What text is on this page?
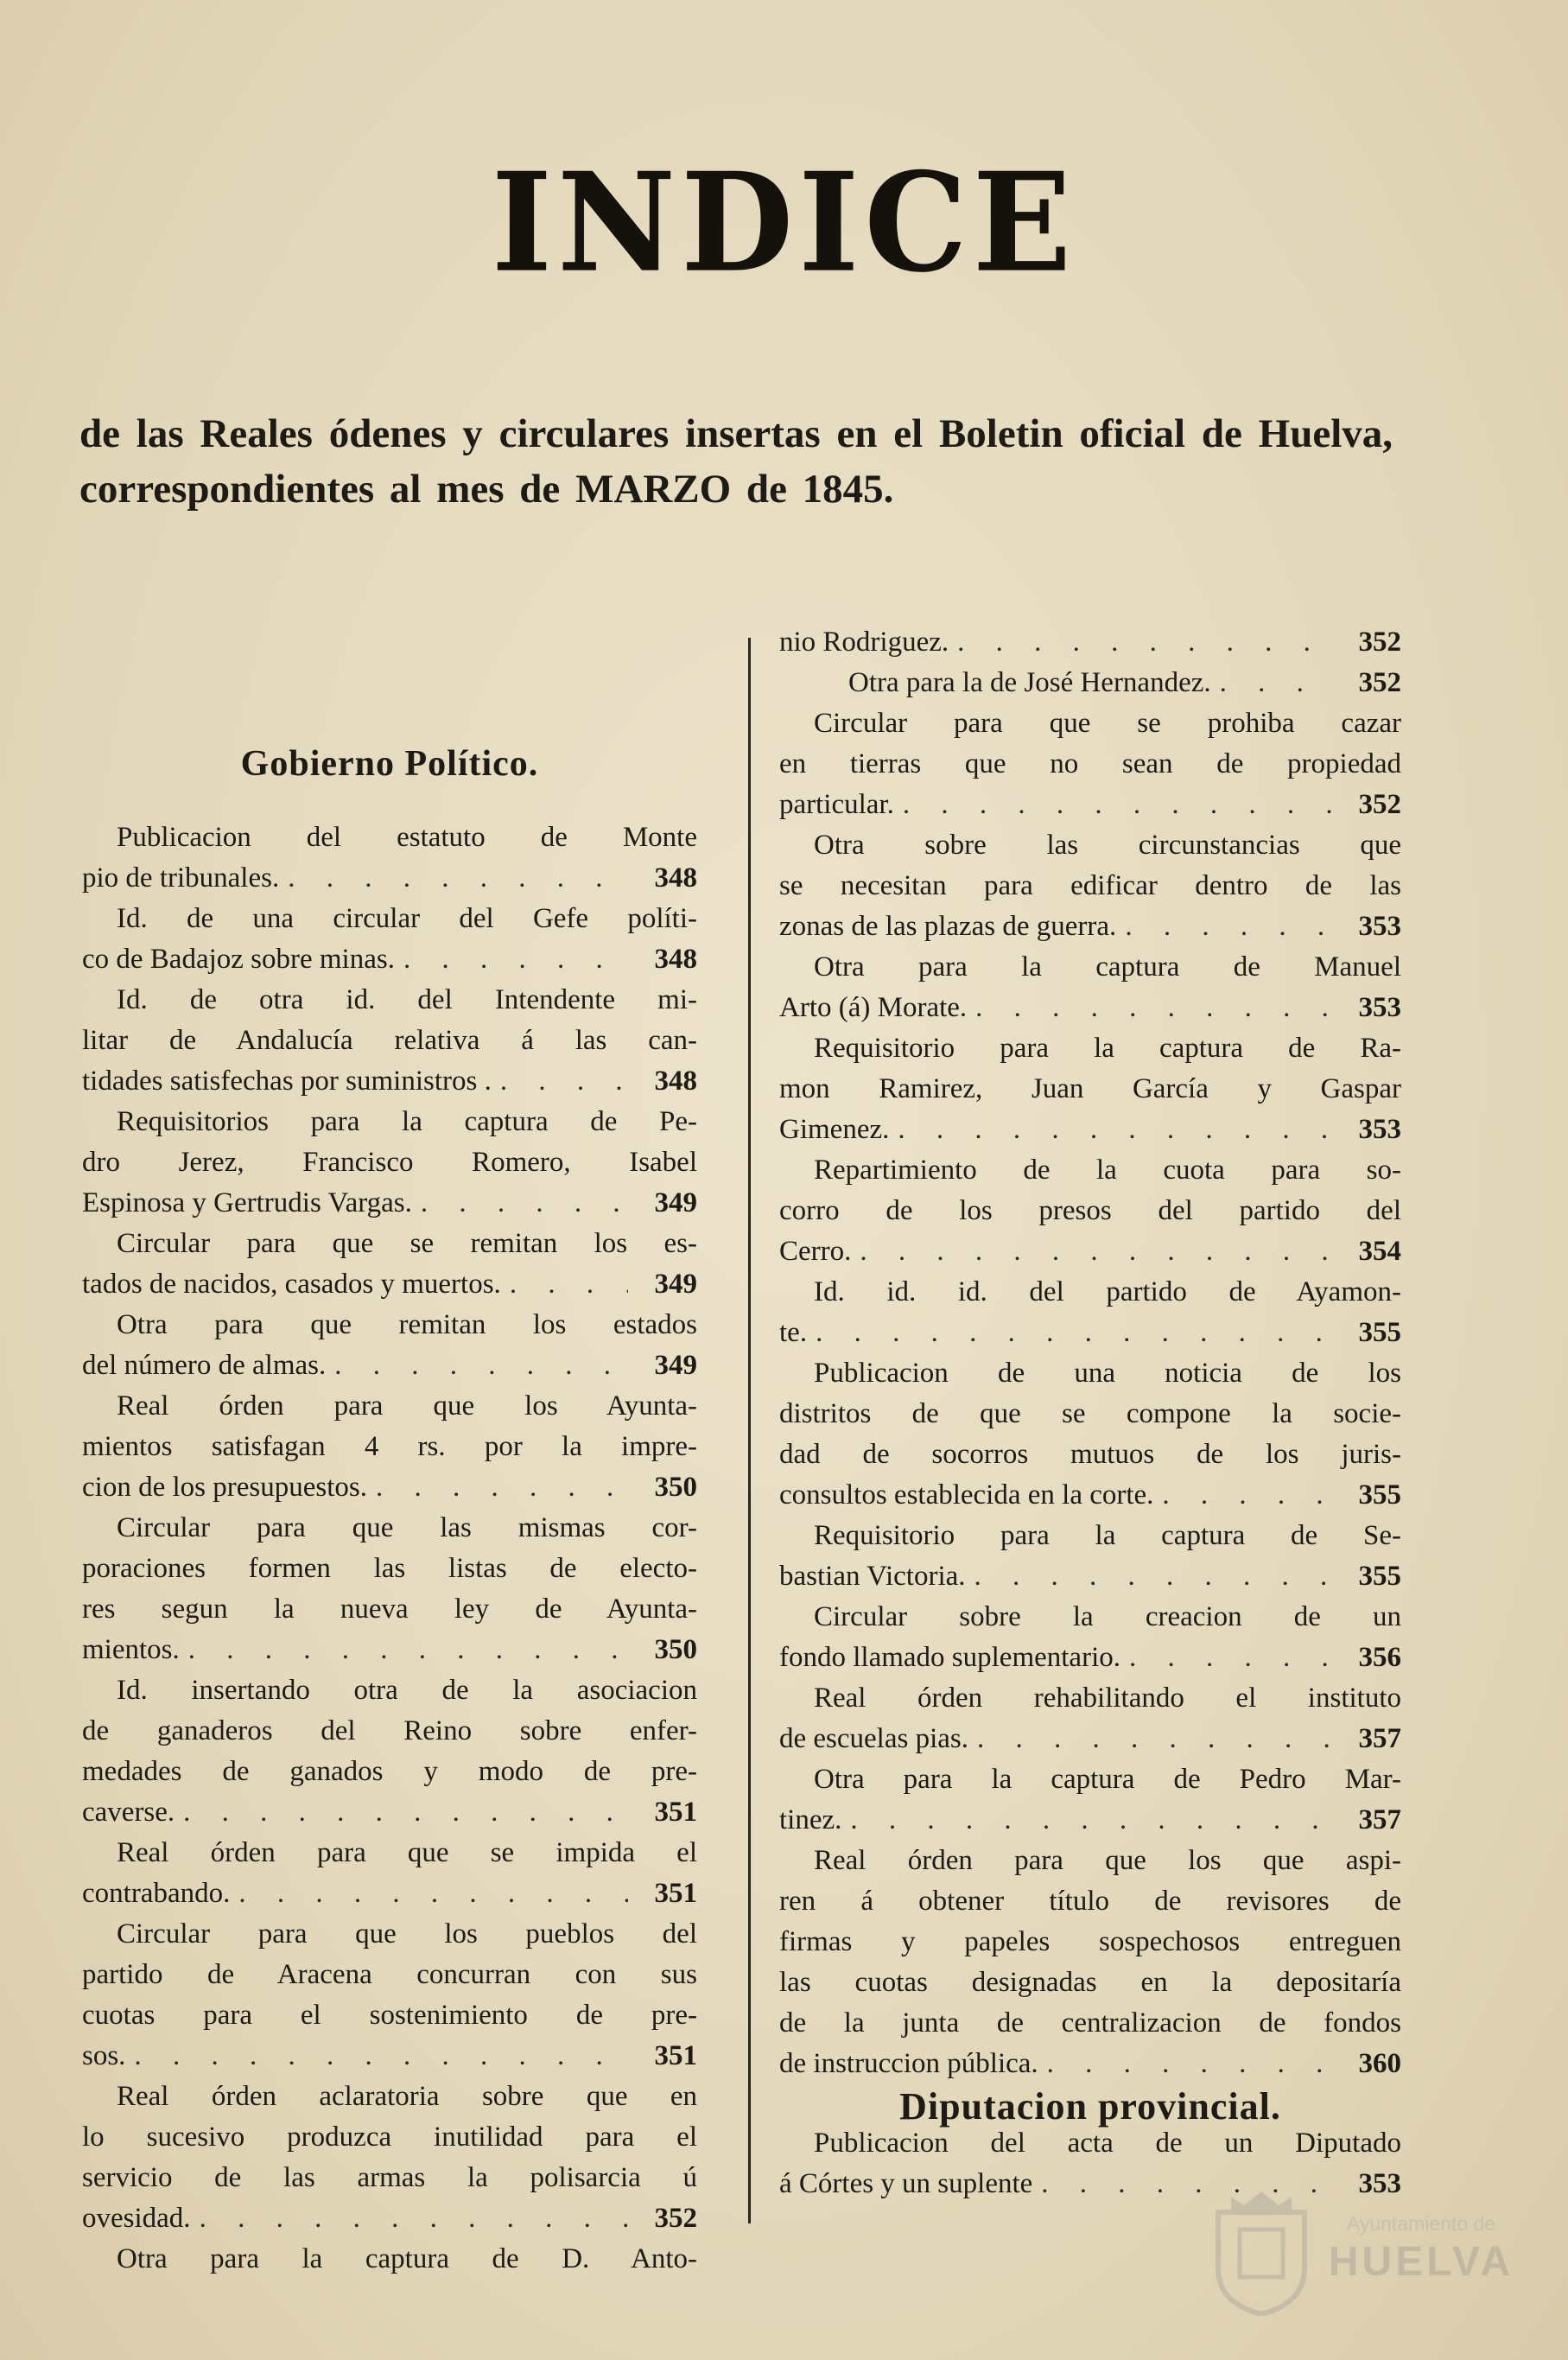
INDICE
de las Reales ódenes y circulares insertas en el Boletin oficial de Huelva, correspondientes al mes de MARZO de 1845.
Gobierno Político.
Publicacion del estatuto de Monte
pio de tribunales. . . .	348
Id. de una circular del Gefe políti-
co de Badajoz sobre minas. . . .	348
Id. de otra id. del Intendente mi-
litar de Andalucía relativa á las can-
tidades satisfechas por suministros . . . .	348
Requisitorios para la captura de Pe-
dro Jerez, Francisco Romero, Isabel
Espinosa y Gertrudis Vargas. . . .	349
Circular para que se remitan los es-
tados de nacidos, casados y muertos. . . .	349
Otra para que remitan los estados
del número de almas. . . .	349
Real órden para que los Ayunta-
mientos satisfagan 4 rs. por la impre-
cion de los presupuestos. . . .	350
Circular para que las mismas cor-
poraciones formen las listas de electo-
res segun la nueva ley de Ayunta-
mientos. . . .	350
Id. insertando otra de la asociacion
de ganaderos del Reino sobre enfer-
medades de ganados y modo de pre-
caverse. . . .	351
Real órden para que se impida el
contrabando. . . .	351
Circular para que los pueblos del
partido de Aracena concurran con sus
cuotas para el sostenimiento de pre-
sos. . . .	351
Real órden aclaratoria sobre que en
lo sucesivo produzca inutilidad para el
servicio de las armas la polisarcia ú
ovesidad. . . .	352
Otra para la captura de D. Anto-
nio Rodriguez. . . .	352
Otra para la de José Hernandez. . . .	352
Circular para que se prohiba cazar
en tierras que no sean de propiedad
particular. . . .	352
Otra sobre las circunstancias que
se necesitan para edificar dentro de las
zonas de las plazas de guerra. . . .	353
Otra para la captura de Manuel
Arto (á) Morate. . . .	353
Requisitorio para la captura de Ra-
mon Ramirez, Juan García y Gaspar
Gimenez. . . .	353
Repartimiento de la cuota para so-
corro de los presos del partido del
Cerro. . . .	354
Id. id. id. del partido de Ayamon-
te. . . .	355
Publicacion de una noticia de los
distritos de que se compone la socie-
dad de socorros mutuos de los juris-
consultos establecida en la corte. . . .	355
Requisitorio para la captura de Se-
bastian Victoria. . . .	355
Circular sobre la creacion de un
fondo llamado suplementario. . . .	356
Real órden rehabilitando el instituto
de escuelas pias. . . .	357
Otra para la captura de Pedro Mar-
tinez. . . .	357
Real órden para que los que aspi-
ren á obtener título de revisores de
firmas y papeles sospechosos entreguen
las cuotas designadas en la depositaría
de la junta de centralizacion de fondos
de instruccion pública. . . .	360
Diputacion provincial.
Publicacion del acta de un Diputado
á Córtes y un suplente . . .	353
Ayuntamiento de
HUELVA
